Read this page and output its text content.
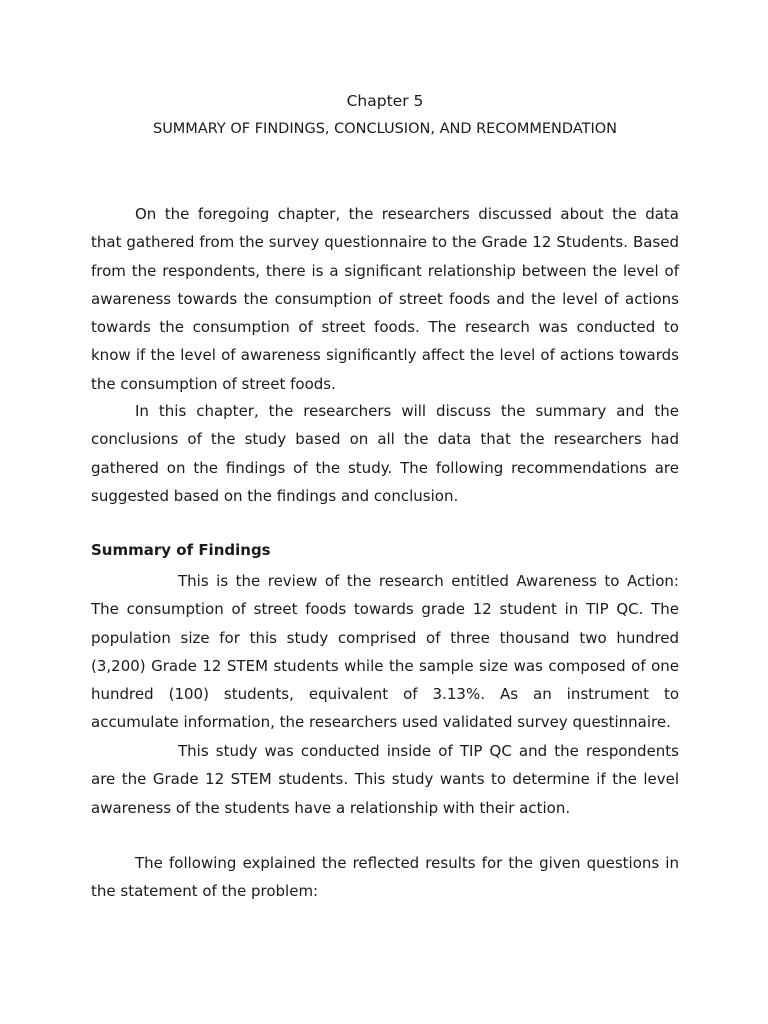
Chapter 5
SUMMARY OF FINDINGS, CONCLUSION, AND RECOMMENDATION

On the foregoing chapter, the researchers discussed about the data that gathered from the survey questionnaire to the Grade 12 Students. Based from the respondents, there is a significant relationship between the level of awareness towards the consumption of street foods and the level of actions towards the consumption of street foods. The research was conducted to know if the level of awareness significantly affect the level of actions towards the consumption of street foods.

In this chapter, the researchers will discuss the summary and the conclusions of the study based on all the data that the researchers had gathered on the findings of the study. The following recommendations are suggested based on the findings and conclusion.

Summary of Findings

This is the review of the research entitled Awareness to Action: The consumption of street foods towards grade 12 student in TIP QC. The population size for this study comprised of three thousand two hundred (3,200) Grade 12 STEM students while the sample size was composed of one hundred (100) students, equivalent of 3.13%. As an instrument to accumulate information, the researchers used validated survey questinnaire.

This study was conducted inside of TIP QC and the respondents are the Grade 12 STEM students. This study wants to determine if the level awareness of the students have a relationship with their action.

The following explained the reflected results for the given questions in the statement of the problem:
